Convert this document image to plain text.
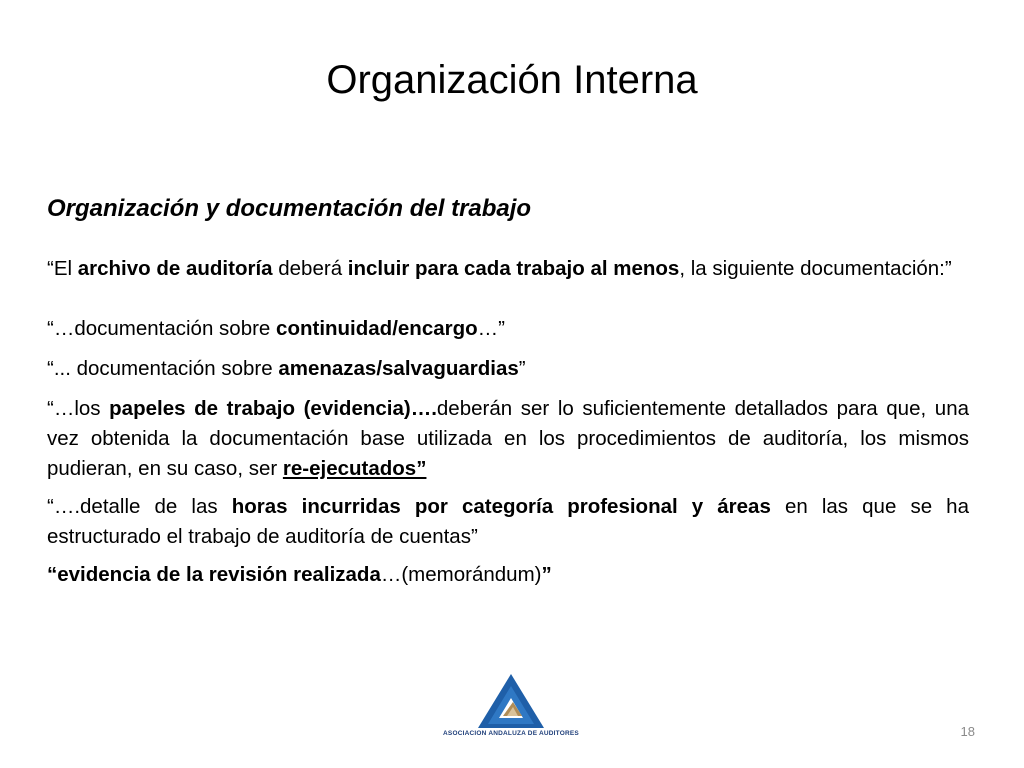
Organización Interna
Organización y documentación del trabajo

“El archivo de auditoría deberá incluir para cada trabajo al menos, la siguiente documentación:”

“…documentación sobre continuidad/encargo…”

“... documentación sobre amenazas/salvaguardias”

“…los papeles de trabajo (evidencia)….deberán ser lo suficientemente detallados para que, una vez obtenida la documentación base utilizada en los procedimientos de auditoría, los mismos pudieran, en su caso, ser re-ejecutados”

“….detalle de las horas incurridas por categoría profesional y áreas en las que se ha estructurado el trabajo de auditoría de cuentas”

“evidencia de la revisión realizada…(memorándum)”

ASOCIACION ANDALUZA DE AUDITORES	18
